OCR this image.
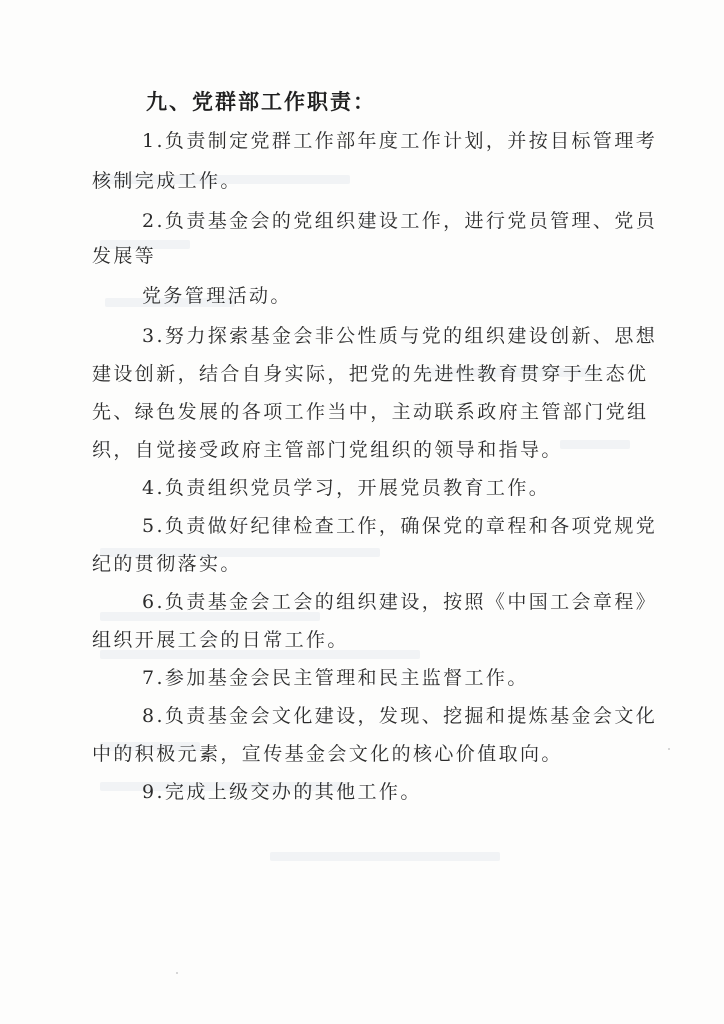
九、党群部工作职责：
1.负责制定党群工作部年度工作计划，并按目标管理考
核制完成工作。
2.负责基金会的党组织建设工作，进行党员管理、党员
发展等
党务管理活动。
3.努力探索基金会非公性质与党的组织建设创新、思想
建设创新，结合自身实际，把党的先进性教育贯穿于生态优
先、绿色发展的各项工作当中，主动联系政府主管部门党组
织，自觉接受政府主管部门党组织的领导和指导。
4.负责组织党员学习，开展党员教育工作。
5.负责做好纪律检查工作，确保党的章程和各项党规党
纪的贯彻落实。
6.负责基金会工会的组织建设，按照《中国工会章程》
组织开展工会的日常工作。
7.参加基金会民主管理和民主监督工作。
8.负责基金会文化建设，发现、挖掘和提炼基金会文化
中的积极元素，宣传基金会文化的核心价值取向。
9.完成上级交办的其他工作。
